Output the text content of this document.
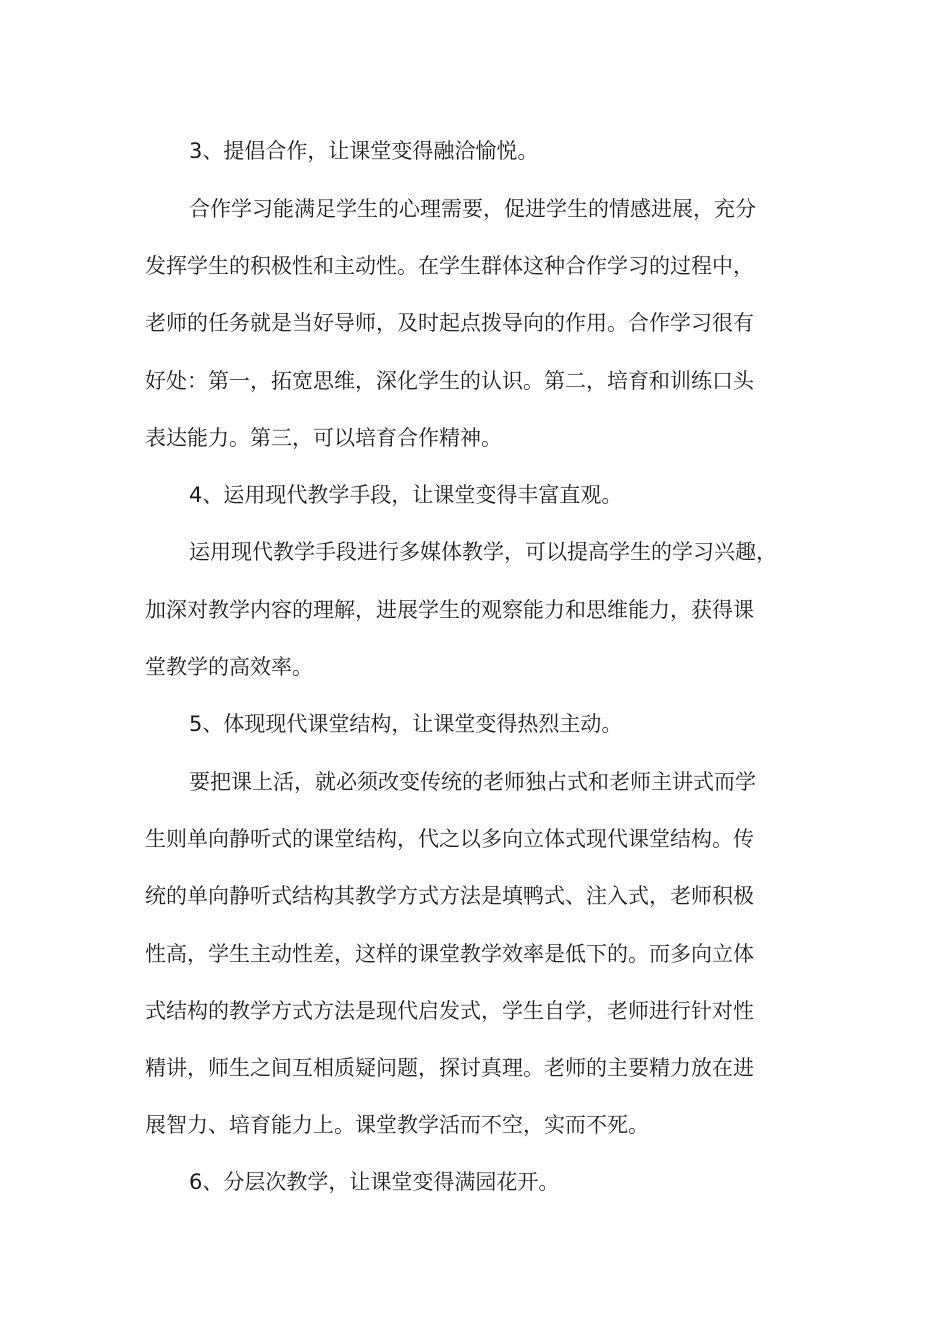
3、提倡合作，让课堂变得融洽愉悦。
合作学习能满足学生的心理需要，促进学生的情感进展，充分
发挥学生的积极性和主动性。在学生群体这种合作学习的过程中，
老师的任务就是当好导师，及时起点拨导向的作用。合作学习很有
好处：第一，拓宽思维，深化学生的认识。第二，培育和训练口头
表达能力。第三，可以培育合作精神。
4、运用现代教学手段，让课堂变得丰富直观。
运用现代教学手段进行多媒体教学，可以提高学生的学习兴趣，
加深对教学内容的理解，进展学生的观察能力和思维能力，获得课
堂教学的高效率。
5、体现现代课堂结构，让课堂变得热烈主动。
要把课上活，就必须改变传统的老师独占式和老师主讲式而学
生则单向静听式的课堂结构，代之以多向立体式现代课堂结构。传
统的单向静听式结构其教学方式方法是填鸭式、注入式，老师积极
性高，学生主动性差，这样的课堂教学效率是低下的。而多向立体
式结构的教学方式方法是现代启发式，学生自学，老师进行针对性
精讲，师生之间互相质疑问题，探讨真理。老师的主要精力放在进
展智力、培育能力上。课堂教学活而不空，实而不死。
6、分层次教学，让课堂变得满园花开。
